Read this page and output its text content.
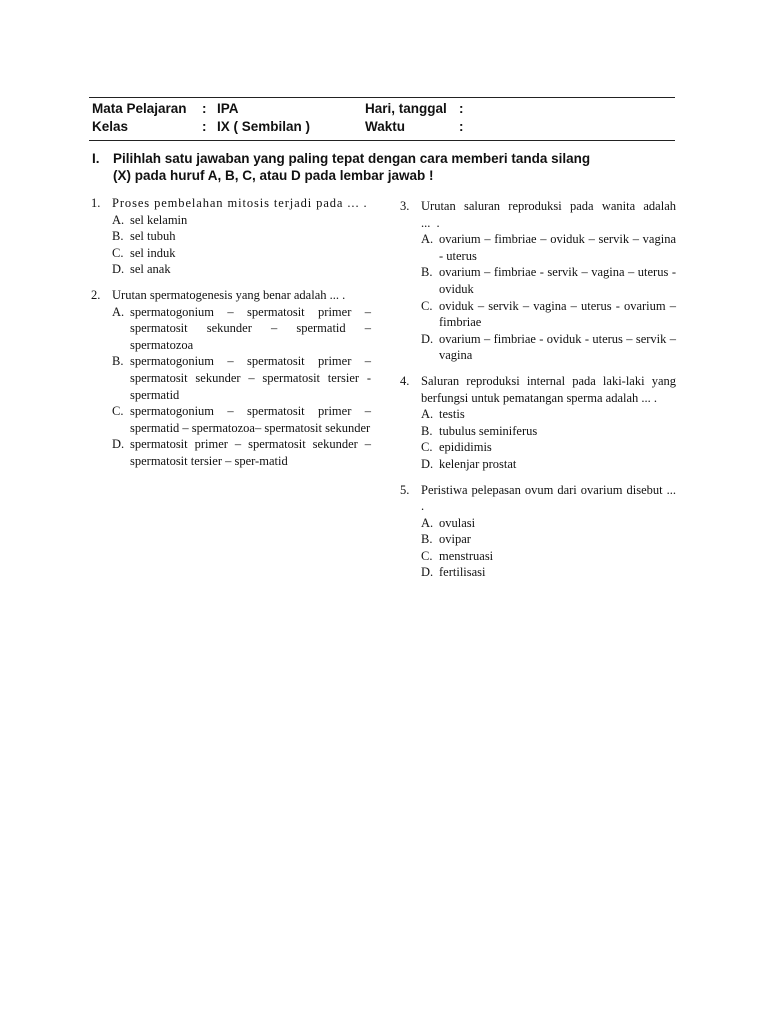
Mata Pelajaran : IPA	Hari, tanggal :
Kelas	: IX ( Sembilan )	Waktu	:
I. Pilihlah satu jawaban yang paling tepat dengan cara memberi tanda silang
(X) pada huruf A, B, C, atau D pada lembar jawab !
1. Proses pembelahan mitosis terjadi pada ... .
A. sel kelamin
B. sel tubuh
C. sel induk
D. sel anak
2. Urutan spermatogenesis yang benar adalah ... .
A. spermatogonium – spermatosit primer – spermatosit sekunder – spermatid – spermatozoa
B. spermatogonium – spermatosit primer – spermatosit sekunder – spermatosit tersier - spermatid
C. spermatogonium – spermatosit primer – spermatid – spermatozoa– spermatosit sekunder
D. spermatosit primer – spermatosit sekunder – spermatosit tersier – sper-matid
3. Urutan saluran reproduksi pada wanita adalah ... .
A. ovarium – fimbriae – oviduk – servik – vagina - uterus
B. ovarium – fimbriae - servik – vagina – uterus - oviduk
C. oviduk – servik – vagina – uterus - ovarium – fimbriae
D. ovarium – fimbriae - oviduk - uterus – servik – vagina
4. Saluran reproduksi internal pada laki-laki yang berfungsi untuk pematangan sperma adalah ... .
A. testis
B. tubulus seminiferus
C. epididimis
D. kelenjar prostat
5. Peristiwa pelepasan ovum dari ovarium disebut ... .
A. ovulasi
B. ovipar
C. menstruasi
D. fertilisasi
